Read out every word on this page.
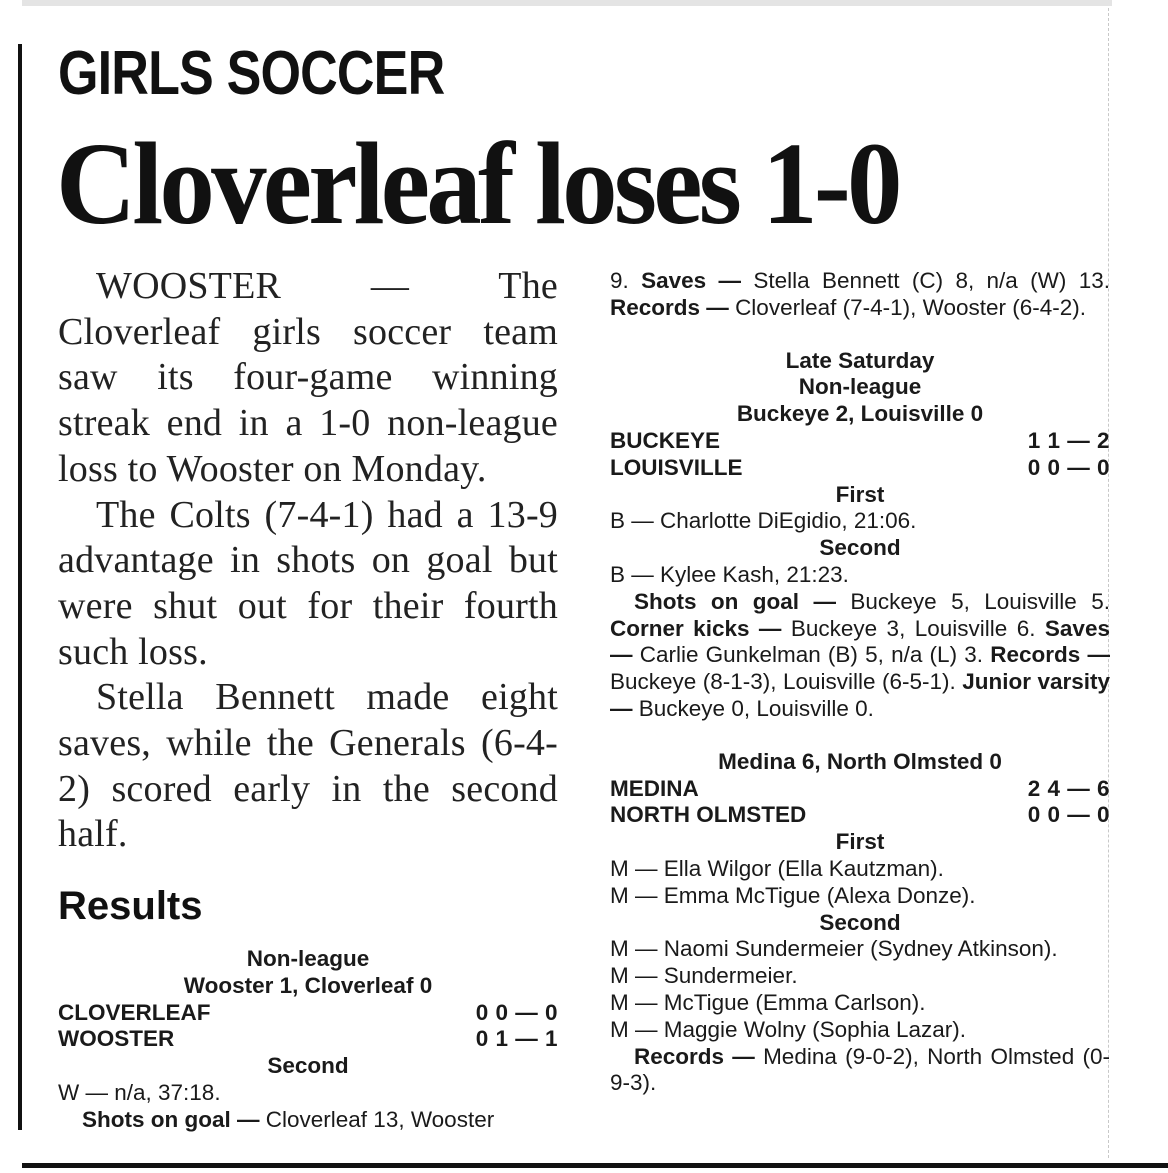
GIRLS SOCCER
Cloverleaf loses 1-0

WOOSTER — The Cloverleaf girls soccer team saw its four-game winning streak end in a 1-0 non-league loss to Wooster on Monday.

The Colts (7-4-1) had a 13-9 advantage in shots on goal but were shut out for their fourth such loss.

Stella Bennett made eight saves, while the Generals (6-4-2) scored early in the second half.

Results
Non-league
Wooster 1, Cloverleaf 0
CLOVERLEAF	0 0 — 0
WOOSTER	0 1 — 1
Second
W — n/a, 37:18.
Shots on goal — Cloverleaf 13, Wooster
9. Saves — Stella Bennett (C) 8, n/a (W) 13. Records — Cloverleaf (7-4-1), Wooster (6-4-2).
Late Saturday
Non-league
Buckeye 2, Louisville 0
BUCKEYE	1 1 — 2
LOUISVILLE	0 0 — 0
First
B — Charlotte DiEgidio, 21:06.
Second
B — Kylee Kash, 21:23.
Shots on goal — Buckeye 5, Louisville 5. Corner kicks — Buckeye 3, Louisville 6. Saves — Carlie Gunkelman (B) 5, n/a (L) 3. Records — Buckeye (8-1-3), Louisville (6-5-1). Junior varsity — Buckeye 0, Louisville 0.
Medina 6, North Olmsted 0
MEDINA	2 4 — 6
NORTH OLMSTED	0 0 — 0
First
M — Ella Wilgor (Ella Kautzman).
M — Emma McTigue (Alexa Donze).
Second
M — Naomi Sundermeier (Sydney Atkinson).
M — Sundermeier.
M — McTigue (Emma Carlson).
M — Maggie Wolny (Sophia Lazar).
Records — Medina (9-0-2), North Olmsted (0-9-3).
